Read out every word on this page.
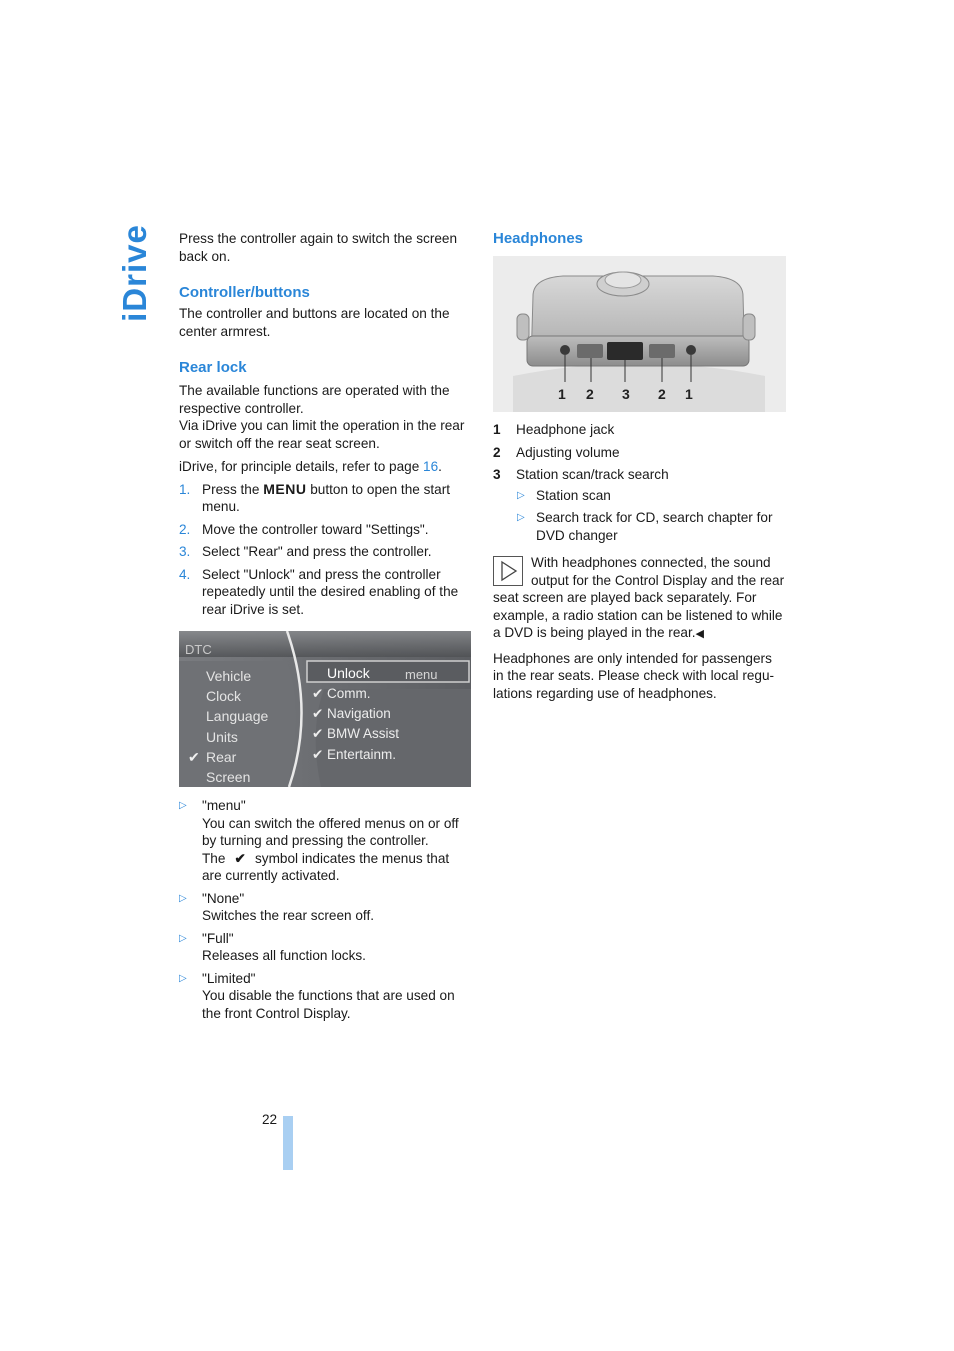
iDrive Press the controller again to switch the screen back on.

Controller/buttons

The controller and buttons are located on the center armrest.

Rear lock

The available functions are operated with the respective controller.

Via iDrive you can limit the operation in the rear or switch off the rear seat screen.

iDrive, for principle details, refer to page 16.

1. Press the MENU button to open the start menu.
2. Move the controller toward "Settings".
3. Select "Rear" and press the controller.
4. Select "Unlock" and press the controller repeatedly until the desired enabling of the rear iDrive is set.
DTC
Vehicle
Clock
Language
Units
✔ Rear
Screen
Unlock	menu
✔ Comm.
✔ Navigation
✔ BMW Assist
✔ Entertainm.
▷ "menu"
You can switch the offered menus on or off by turning and pressing the controller.
The ✔ symbol indicates the menus that are currently activated.
▷ "None"
Switches the rear screen off.
▷ "Full"
Releases all function locks.
▷ "Limited"
You disable the functions that are used on the front Control Display.
Headphones
1 2 3 2 1
1 Headphone jack
2 Adjusting volume
3 Station scan/track search
▷ Station scan
▷ Search track for CD, search chapter for DVD changer

With headphones connected, the sound output for the Control Display and the rear seat screen are played back separately. For example, a radio station can be listened to while a DVD is being played in the rear.◀

Headphones are only intended for passengers in the rear seats. Please check with local regu-lations regarding use of headphones.

22
